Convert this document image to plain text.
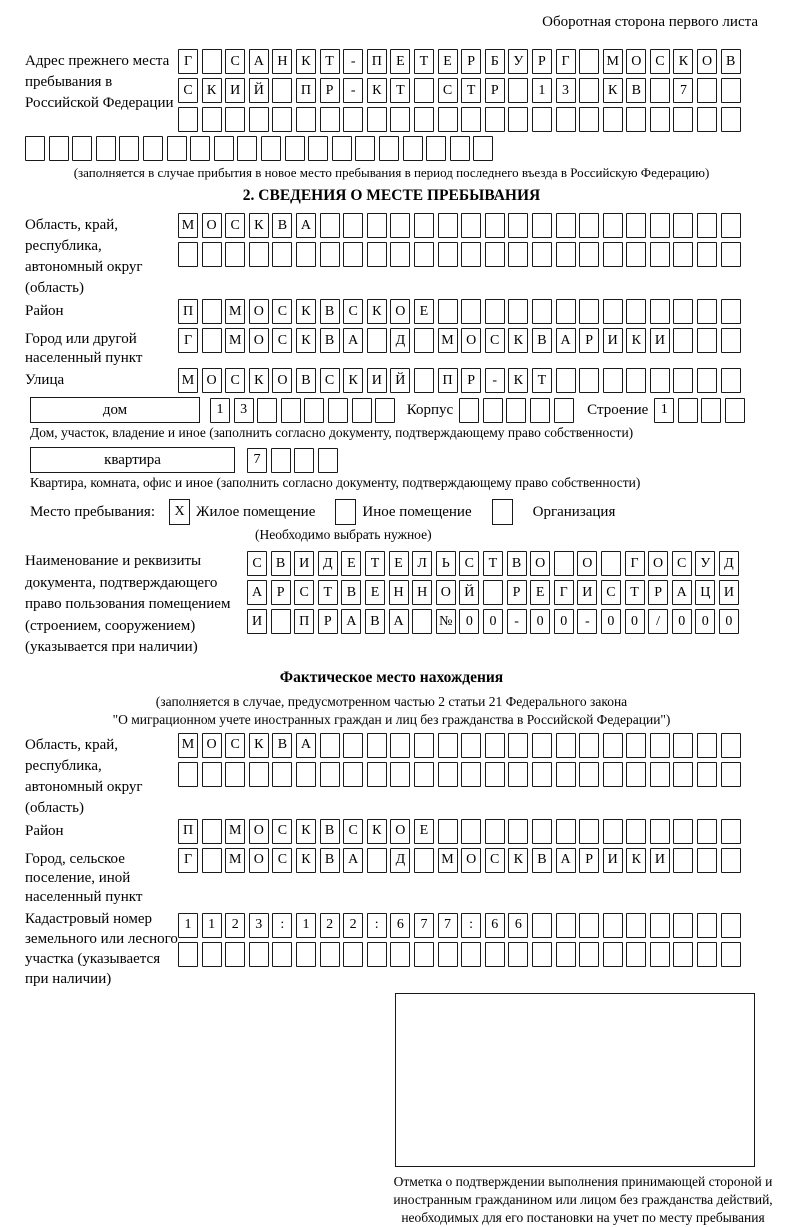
Оборотная сторона первого листа
Адрес прежнего места пребывания в Российской Федерации
Г	С А Н К	Т	-	П	Е	Т	Е	Р	Б	У	Р	Г	М О С	К О В
С	К И Й	П	Р	-	К	Т	С	Т	Р	1	3	К	В	7
(заполняется в случае прибытия в новое место пребывания в период последнего въезда в Российскую Федерацию)
2. СВЕДЕНИЯ О МЕСТЕ ПРЕБЫВАНИЯ
Область, край, республика, автономный округ (область)
М О С	К	В А
Район	П	М О С	К	В	С	К О	Е
Город или другой населенный пункт
Г	М О С	К	В А	Д	М О С	К	В А	Р	И К И
Улица	М О С	К О В	С	К И Й	П	Р	-	К	Т
дом	1	3	Корпус	Строение 1
Дом, участок, владение и иное (заполнить согласно документу, подтверждающему право собственности)
квартира	7
Квартира, комната, офис и иное (заполнить согласно документу, подтверждающему право собственности)
Место пребывания:	X Жилое помещение	Иное помещение	Организация
(Необходимо выбрать нужное)
Наименование и реквизиты документа, подтверждающего право пользования помещением (строением, сооружением) (указывается при наличии)
С	В И Д	Е	Т	Е	Л	Ь	С	Т	В О	О	Г	О С У Д
А	Р	С	Т	В	Е	Н Н О Й	Р	Е	Г	И С	Т	Р	А Ц И
И	П	Р	А В А	№ 0	0	-	0	0	-	0	0	/	0	0	0
Фактическое место нахождения
(заполняется в случае, предусмотренном частью 2 статьи 21 Федерального закона
"О миграционном учете иностранных граждан и лиц без гражданства в Российской Федерации")
Область, край, республика, автономный округ (область)
М О С	К	В А
Район	П	М О С	К	В	С	К О	Е
Город, сельское поселение, иной населенный пункт
Г	М О С	К	В А	Д	М О С	К	В А	Р	И К И
Кадастровый номер земельного или лесного участка (указывается при наличии)
1	1	2	3	:	1	2	2	:	6	7	7	:	6	6
Отметка о подтверждении выполнения принимающей стороной и иностранным гражданином или лицом без гражданства действий, необходимых для его постановки на учет по месту пребывания
